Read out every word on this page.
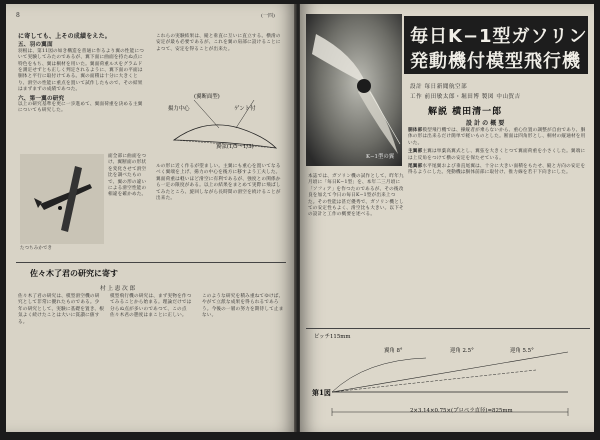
8	(一四)
に寄しても、上その成績をえた。
五、羽の翼面
羽根は、第11図の如き構造を普通に作るより翼の性能について実験してみたのであるが、翼下面に曲面を持たぬ点に特色をもち、翼は桐材を用いた。翼面荷重ルスをグラムドを測定せずとも正しく判定されるように、翼下面の平面は胴体と平行に取付けてある。翼の面積は十分に大きくとり、滑空の性能に重点を置いて試作したもので、その結果はまずまずの成績であつた。
六、第一翼の研究
以上の研究基準を更に一歩進めて、翼面荷重を決める主翼についても研究した。
たつちみかでき
面全部に曲面をつけ、翼断面の形状を変化させて滑空比を調べたもので、翼の形の違いによる滑空性能の相違を確かめた。
これらの実験結果は、縦と垂直に互いに直立する。横滑の安定が最も必要であるが、これを翼の肩部に設けることによつて、安定を得ることが出来た。
(翼断面型)
揚力中心	ゲント付
翼弦(1/5〜1/3)
ルの形に近く作るが望ましい。主翼にも重心を置いてなるべく翼端を上げ、揚力の中心を後方に移すよう工夫した。翼面荷重は軽いほど滑空に有利であるが、強度との関係から一定の限度がある。以上の結果をまとめて実際に飛ばしてみたところ、旋回しながら長時間の滑空を続けることが出来た。
佐々木了君の研究に寄す
村 上 恵 次 郎
佐々木了君の研究は、模型滑空機の研究として非常に優れたものである。少年の研究として、実験に基礎を置き、根気よく続けたことは大いに賞讃に値する。
模型飛行機の研究は、まず実物を作つてみることから始まる。理論だけでは分らぬ点が多いのであつて、この点佐々木君の態度はまことに正しい。
このような研究を積み重ねてゆけば、やがて立派な成果を得られるであろう。今後の一層の努力を期待して止まない。
K−1型の翼
毎日K−1型ガソリン
発動機付模型飛行機
設計 毎日新聞航空部
工作 前田敏太郎・堀田博 製図 中山賀吉
解説 横田清一郎
本誌では、ガソリン機の試作として、昨年九月頃に「毎日K−1型」を、本年二三月頃に「ソフィア」を作つたのであるが、その後改良を加えて今日の毎日K−1型が出来上つた。その性能は甚だ優秀で、ガソリン機としての安定性もよく、滑空比も大きい。以下その設計と工作の概要を述べる。
設 計 の 概 要
胴体部模型飛行機では、操縦者が乗らないから、重心位置の調整が自由であり、胴体の形は出来るだけ簡単で軽いものとした。断面は四角形とし、桐材の縦通材を用いた。
主翼部主翼は単葉高翼式とし、翼弦を大きくとつて翼面荷重を小さくした。翼端には上反角をつけて横の安定を保たせている。
尾翼部水平尾翼および垂直尾翼は、十分に大きい面積をもたせ、縦と方向の安定を得るようにした。発動機は胴体前部に取付け、推力線を若干下向きにした。
ピッチ115mm
翼角 8°	迎角 2.5°	迎角 5.5°
第1図
2×3.14×0.75×(プロペラ直径)=825mm
